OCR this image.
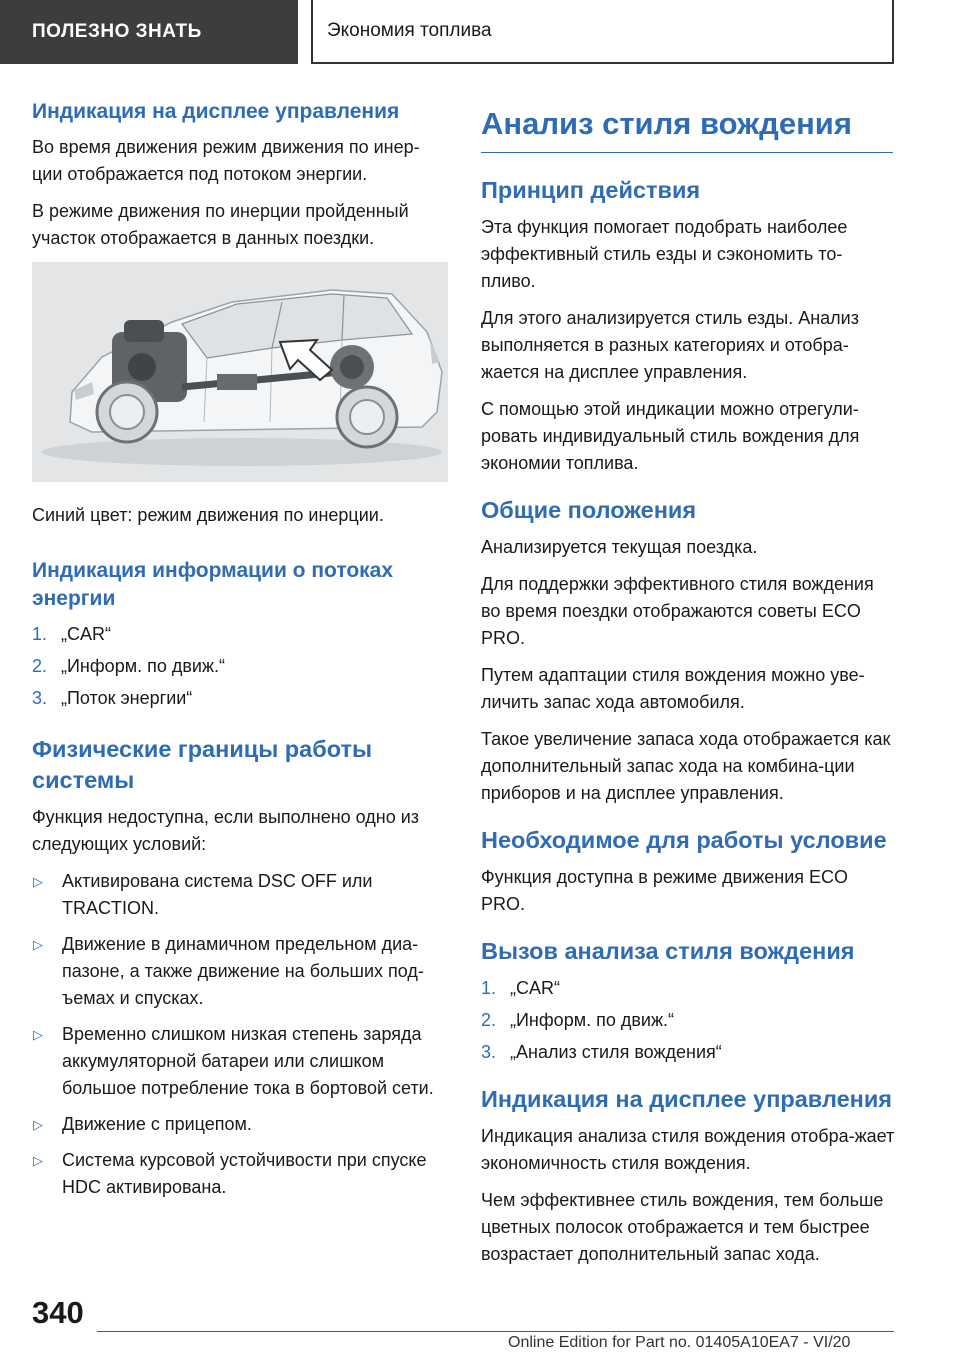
ПОЛЕЗНО ЗНАТЬ	Экономия топлива
Индикация на дисплее управления

Во время движения режим движения по инер-ции отображается под потоком энергии.

В режиме движения по инерции пройденный участок отображается в данных поездки.

Синий цвет: режим движения по инерции.

Индикация информации о потоках энергии
1. „CAR“
2. „Информ. по движ.“
3. „Поток энергии“
Физические границы работы системы

Функция недоступна, если выполнено одно из следующих условий:

▷	Активирована система DSC OFF или TRACTION.
▷	Движение в динамичном предельном диа-пазоне, а также движение на больших под-ъемах и спусках.
▷	Временно слишком низкая степень заряда аккумуляторной батареи или слишком большое потребление тока в бортовой сети.
▷	Движение с прицепом.
▷	Система курсовой устойчивости при спуске HDC активирована.
Анализ стиля вождения
Принцип действия

Эта функция помогает подобрать наиболее эффективный стиль езды и сэкономить то-пливо.

Для этого анализируется стиль езды. Анализ выполняется в разных категориях и отобра-жается на дисплее управления.

С помощью этой индикации можно отрегули-ровать индивидуальный стиль вождения для экономии топлива.

Общие положения

Анализируется текущая поездка.

Для поддержки эффективного стиля вождения во время поездки отображаются советы ECO PRO.

Путем адаптации стиля вождения можно уве-личить запас хода автомобиля.

Такое увеличение запаса хода отображается как дополнительный запас хода на комбина-ции приборов и на дисплее управления.

Необходимое для работы условие

Функция доступна в режиме движения ECO PRO.

Вызов анализа стиля вождения
1. „CAR“
2. „Информ. по движ.“
3. „Анализ стиля вождения“
Индикация на дисплее управления

Индикация анализа стиля вождения отобра-жает экономичность стиля вождения.

Чем эффективнее стиль вождения, тем больше цветных полосок отображается и тем быстрее возрастает дополнительный запас хода.

340
Online Edition for Part no. 01405A10EA7 - VI/20
